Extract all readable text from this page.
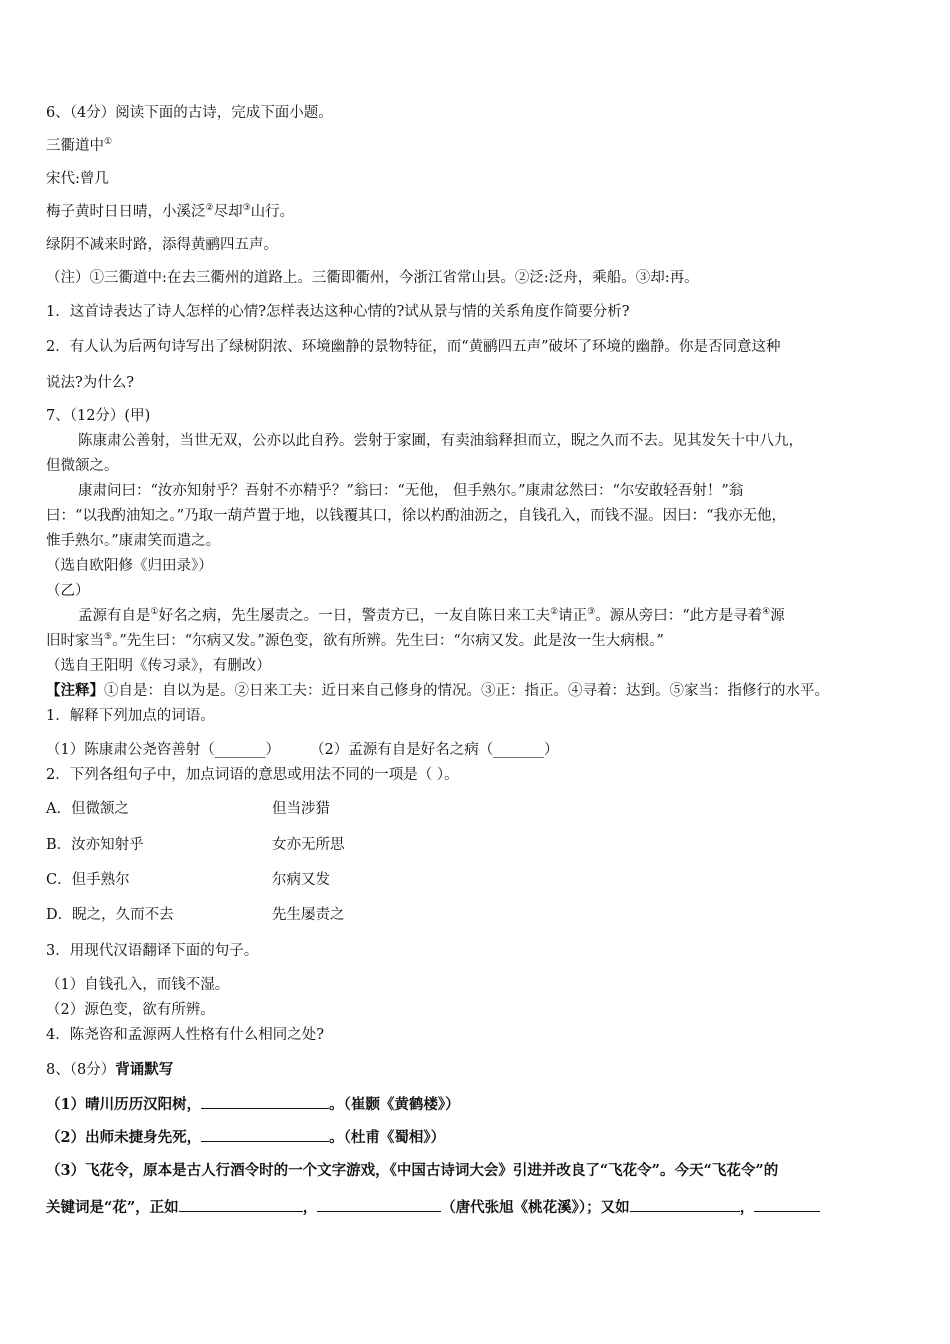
6、（4分）阅读下面的古诗，完成下面小题。
三衢道中①
宋代:曾几
梅子黄时日日晴，小溪泛②尽却③山行。
绿阴不减来时路，添得黄鹂四五声。
（注）①三衢道中:在去三衢州的道路上。三衢即衢州，今浙江省常山县。②泛:泛舟，乘船。③却:再。
1．这首诗表达了诗人怎样的心情?怎样表达这种心情的?试从景与情的关系角度作简要分析?
2．有人认为后两句诗写出了绿树阴浓、环境幽静的景物特征，而“黄鹂四五声”破坏了环境的幽静。你是否同意这种
说法?为什么?
7、（12分）(甲)
陈康肃公善射，当世无双，公亦以此自矜。尝射于家圃，有卖油翁释担而立，睨之久而不去。见其发矢十中八九，
但微颔之。
康肃问曰：“汝亦知射乎？吾射不亦精乎？”翁曰：“无他， 但手熟尔。”康肃忿然曰：“尔安敢轻吾射！”翁
曰：“以我酌油知之。”乃取一葫芦置于地，以钱覆其口，徐以杓酌油沥之，自钱孔入，而钱不湿。因曰：“我亦无他，
惟手熟尔。”康肃笑而遣之。
（选自欧阳修《归田录》）
（乙）
孟源有自是①好名之病，先生屡责之。一日，警责方已，一友自陈日来工夫②请正③。源从旁曰：“此方是寻着④源
旧时家当⑤。”先生曰：“尔病又发。”源色变，欲有所辨。先生曰：“尔病又发。此是汝一生大病根。”
（选自王阳明《传习录》，有删改）
【注释】①自是：自以为是。②日来工夫：近日来自己修身的情况。③正：指正。④寻着：达到。⑤家当：指修行的水平。
1．解释下列加点的词语。
（1）陈康肃公尧咨善射（_______） （2）孟源有自是好名之病（_______）
2．下列各组句子中，加点词语的意思或用法不同的一项是（ ）。
A．但微颔之	但当涉猎
B．汝亦知射乎	女亦无所思
C．但手熟尔	尔病又发
D．睨之，久而不去	先生屡责之
3．用现代汉语翻译下面的句子。
（1）自钱孔入，而钱不湿。
（2）源色变，欲有所辨。
4．陈尧咨和孟源两人性格有什么相同之处?
8、（8分）背诵默写
（1）晴川历历汉阳树，	。（崔颢《黄鹤楼》）
（2）出师未捷身先死，	。（杜甫《蜀相》）
（3）飞花令，原本是古人行酒令时的一个文字游戏，《中国古诗词大会》引进并改良了“飞花令”。今天“飞花令”的
关键词是“花”，正如	，	（唐代张旭《桃花溪》）；又如	，
